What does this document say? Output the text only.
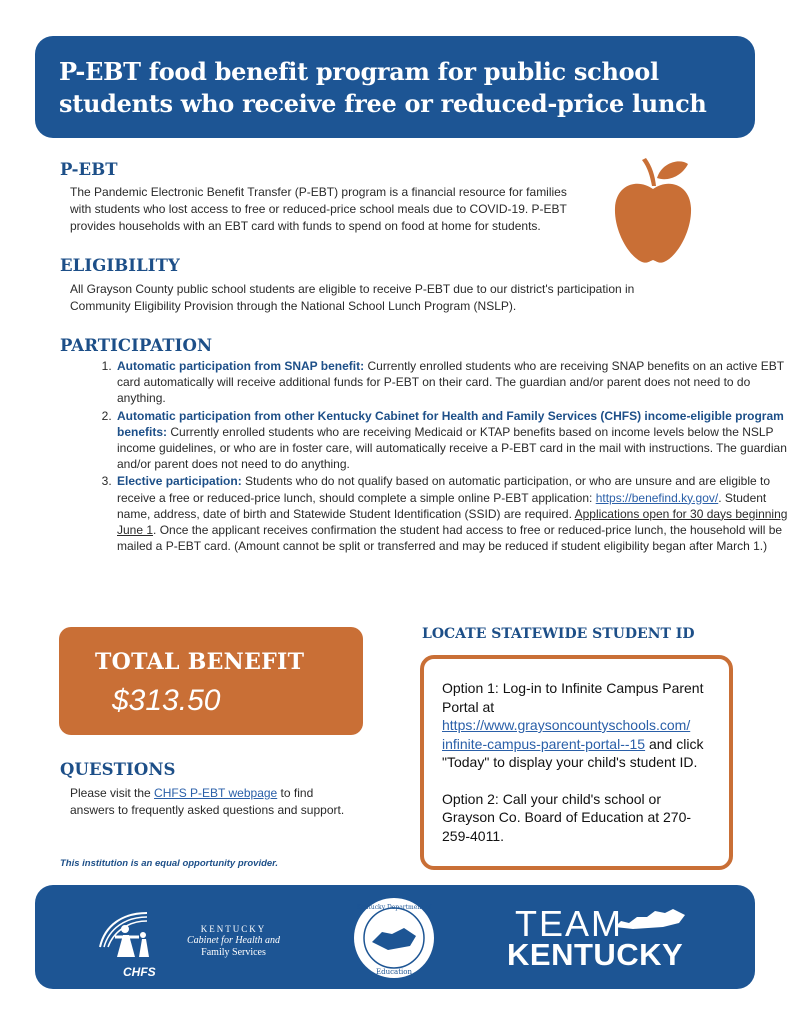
P-EBT food benefit program for public school
students who receive free or reduced-price lunch

P-EBT

The Pandemic Electronic Benefit Transfer (P-EBT) program is a financial resource for families
with students who lost access to free or reduced-price school meals due to COVID-19. P-EBT
provides households with an EBT card with funds to spend on food at home for students.

ELIGIBILITY

All Grayson County public school students are eligible to receive P-EBT due to our district's participation in
Community Eligibility Provision through the National School Lunch Program (NSLP).

PARTICIPATION
1. Automatic participation from SNAP benefit: Currently enrolled students who are receiving SNAP benefits on an active EBT card automatically will receive additional funds for P-EBT on their card. The guardian and/or parent does not need to do anything.
2. Automatic participation from other Kentucky Cabinet for Health and Family Services (CHFS) income-eligible program benefits: Currently enrolled students who are receiving Medicaid or KTAP benefits based on income levels below the NSLP income guidelines, or who are in foster care, will automatically receive a P-EBT card in the mail with instructions. The guardian and/or parent does not need to do anything.
3. Elective participation: Students who do not qualify based on automatic participation, or who are unsure and are eligible to receive a free or reduced-price lunch, should complete a simple online P-EBT application: https://benefind.ky.gov/. Student name, address, date of birth and Statewide Student Identification (SSID) are required. Applications open for 30 days beginning June 1. Once the applicant receives confirmation the student had access to free or reduced-price lunch, the household will be mailed a P-EBT card. (Amount cannot be split or transferred and may be reduced if student eligibility began after March 1.)

TOTAL BENEFIT

$313.50

QUESTIONS

Please visit the CHFS P-EBT webpage to find answers to frequently asked questions and support.

LOCATE STATEWIDE STUDENT ID

Option 1: Log-in to Infinite Campus Parent Portal at https://www.graysoncountyschools.com/
infinite-campus-parent-portal--15 and click "Today" to display your child's student ID.

Option 2: Call your child's school or Grayson Co. Board of Education at 270-259-4011.

This institution is an equal opportunity provider.

CHFS

KENTUCKY
Cabinet for Health and
Family Services
Kentucky Department of
Education

TEAM

KENTUCKY
